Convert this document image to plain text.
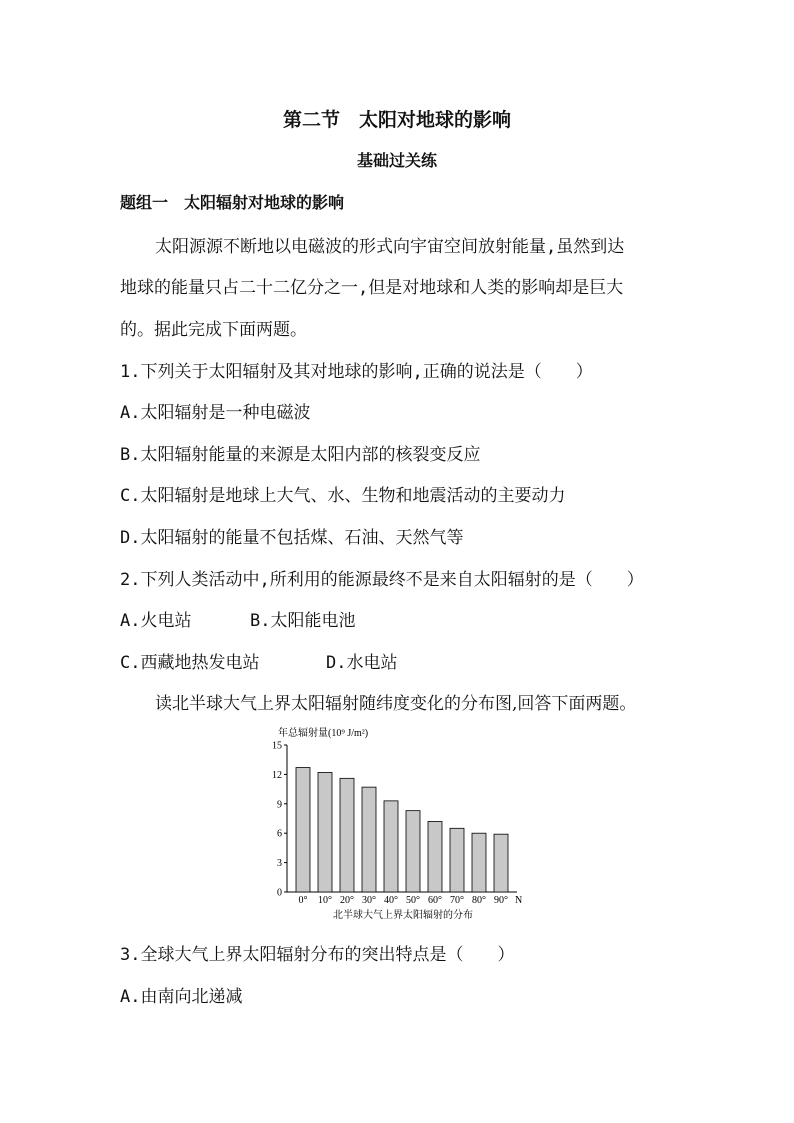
第二节　太阳对地球的影响
基础过关练
题组一　太阳辐射对地球的影响
太阳源源不断地以电磁波的形式向宇宙空间放射能量,虽然到达
地球的能量只占二十二亿分之一,但是对地球和人类的影响却是巨大
的。据此完成下面两题。
1.下列关于太阳辐射及其对地球的影响,正确的说法是（　　）
A.太阳辐射是一种电磁波
B.太阳辐射能量的来源是太阳内部的核裂变反应
C.太阳辐射是地球上大气、水、生物和地震活动的主要动力
D.太阳辐射的能量不包括煤、石油、天然气等
2.下列人类活动中,所利用的能源最终不是来自太阳辐射的是（　　）
A.火电站	B.太阳能电池
C.西藏地热发电站	D.水电站
读北半球大气上界太阳辐射随纬度变化的分布图,回答下面两题。
年总辐射量(10⁹ J/m²)
0
3
6
9
12
15
0° 10° 20° 30° 40° 50° 60° 70° 80° 90° N
北半球大气上界太阳辐射的分布
3.全球大气上界太阳辐射分布的突出特点是（　　）
A.由南向北递减
